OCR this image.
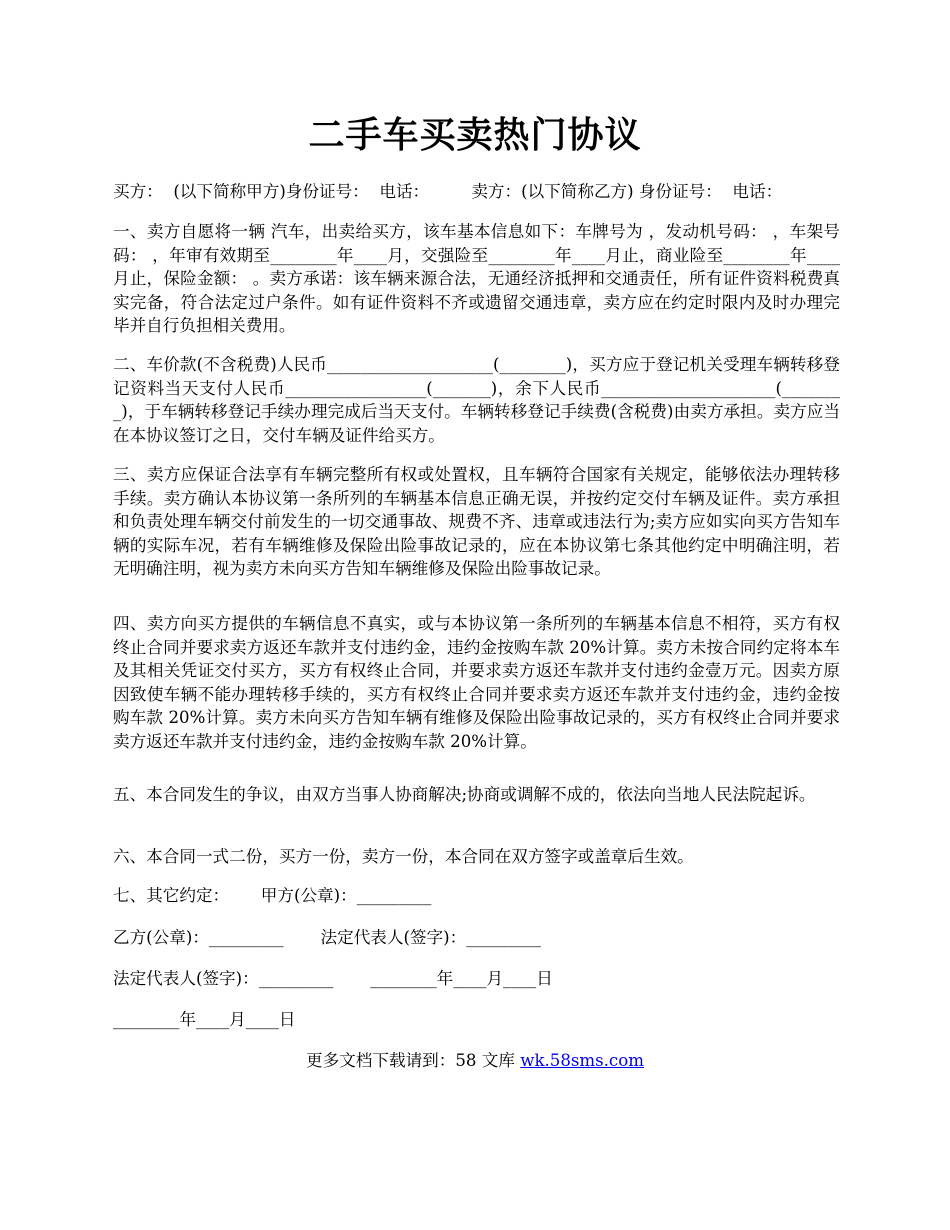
二手车买卖热门协议

买方：  (以下简称甲方)身份证号：  电话：        卖方：(以下简称乙方) 身份证号：  电话：

一、卖方自愿将一辆 汽车，出卖给买方，该车基本信息如下：车牌号为 ，发动机号码： ，车架号码： ，年审有效期至________年____月，交强险至________年____月止，商业险至________年____月止，保险金额： 。卖方承诺：该车辆来源合法，无通经济抵押和交通责任，所有证件资料税费真实完备，符合法定过户条件。如有证件资料不齐或遗留交通违章，卖方应在约定时限内及时办理完毕并自行负担相关费用。

二、车价款(不含税费)人民币____________________(________)，买方应于登记机关受理车辆转移登记资料当天支付人民币_________________(_______)，余下人民币_____________________(________)，于车辆转移登记手续办理完成后当天支付。车辆转移登记手续费(含税费)由卖方承担。卖方应当在本协议签订之日，交付车辆及证件给买方。

三、卖方应保证合法享有车辆完整所有权或处置权，且车辆符合国家有关规定，能够依法办理转移手续。卖方确认本协议第一条所列的车辆基本信息正确无误，并按约定交付车辆及证件。卖方承担和负责处理车辆交付前发生的一切交通事故、规费不齐、违章或违法行为;卖方应如实向买方告知车辆的实际车况，若有车辆维修及保险出险事故记录的，应在本协议第七条其他约定中明确注明，若无明确注明，视为卖方未向买方告知车辆维修及保险出险事故记录。

四、卖方向买方提供的车辆信息不真实，或与本协议第一条所列的车辆基本信息不相符，买方有权终止合同并要求卖方返还车款并支付违约金，违约金按购车款 20%计算。卖方未按合同约定将本车及其相关凭证交付买方，买方有权终止合同，并要求卖方返还车款并支付违约金壹万元。因卖方原因致使车辆不能办理转移手续的，买方有权终止合同并要求卖方返还车款并支付违约金，违约金按购车款 20%计算。卖方未向买方告知车辆有维修及保险出险事故记录的，买方有权终止合同并要求卖方返还车款并支付违约金，违约金按购车款 20%计算。

五、本合同发生的争议，由双方当事人协商解决;协商或调解不成的，依法向当地人民法院起诉。

六、本合同一式二份，买方一份，卖方一份，本合同在双方签字或盖章后生效。

七、其它约定：      甲方(公章)：_________

乙方(公章)：_________       法定代表人(签字)：_________

法定代表人(签字)：_________       ________年____月____日

________年____月____日

更多文档下载请到：58 文库 wk.58sms.com
